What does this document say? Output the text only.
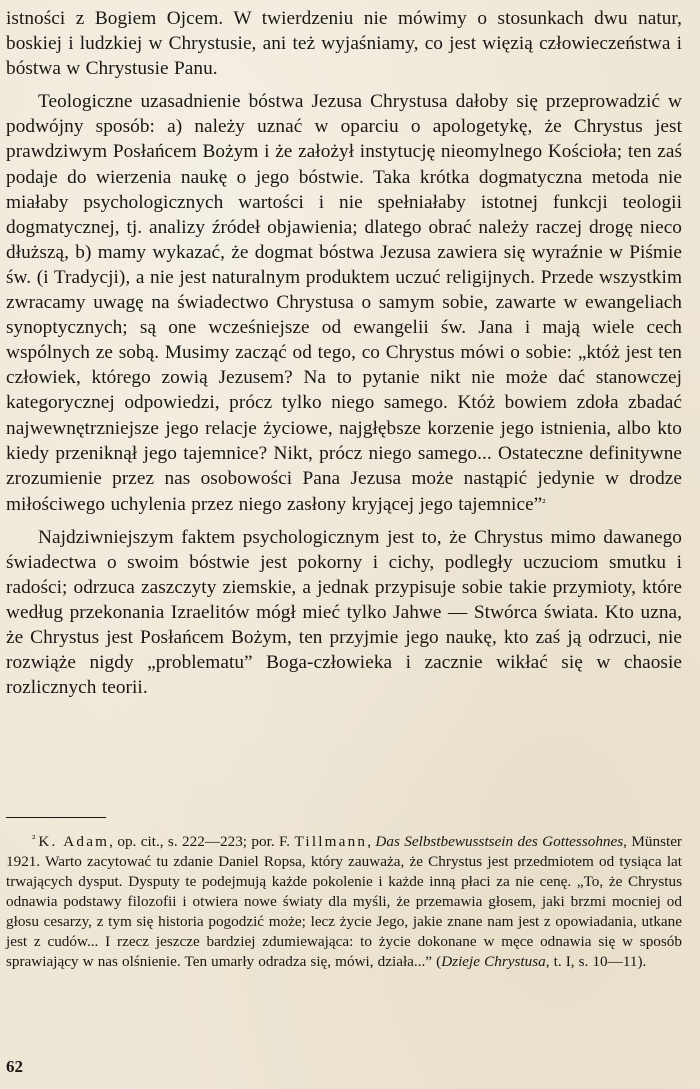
istności z Bogiem Ojcem. W twierdzeniu nie mówimy o stosunkach dwu natur, boskiej i ludzkiej w Chrystusie, ani też wyjaśniamy, co jest więzią człowieczeństwa i bóstwa w Chrystusie Panu.

Teologiczne uzasadnienie bóstwa Jezusa Chrystusa dałoby się przeprowadzić w podwójny sposób: a) należy uznać w oparciu o apologetykę, że Chrystus jest prawdziwym Posłańcem Bożym i że założył instytucję nieomylnego Kościoła; ten zaś podaje do wierzenia naukę o jego bóstwie. Taka krótka dogmatyczna metoda nie miałaby psychologicznych wartości i nie spełniałaby istotnej funkcji teologii dogmatycznej, tj. analizy źródeł objawienia; dlatego obrać należy raczej drogę nieco dłuższą, b) mamy wykazać, że dogmat bóstwa Jezusa zawiera się wyraźnie w Piśmie św. (i Tradycji), a nie jest naturalnym produktem uczuć religijnych. Przede wszystkim zwracamy uwagę na świadectwo Chrystusa o samym sobie, zawarte w ewangeliach synoptycznych; są one wcześniejsze od ewangelii św. Jana i mają wiele cech wspólnych ze sobą. Musimy zacząć od tego, co Chrystus mówi o sobie: „któż jest ten człowiek, którego zowią Jezusem? Na to pytanie nikt nie może dać stanowczej kategorycznej odpowiedzi, prócz tylko niego samego. Któż bowiem zdoła zbadać najwewnętrzniejsze jego relacje życiowe, najgłębsze korzenie jego istnienia, albo kto kiedy przeniknął jego tajemnice? Nikt, prócz niego samego... Ostateczne definitywne zrozumienie przez nas osobowości Pana Jezusa może nastąpić jedynie w drodze miłościwego uchylenia przez niego zasłony kryjącej jego tajemnice”$^{^2}$

Najdziwniejszym faktem psychologicznym jest to, że Chrystus mimo dawanego świadectwa o swoim bóstwie jest pokorny i cichy, podległy uczuciom smutku i radości; odrzuca zaszczyty ziemskie, a jednak przypisuje sobie takie przymioty, które według przekonania Izraelitów mógł mieć tylko Jahwe — Stwórca świata. Kto uzna, że Chrystus jest Posłańcem Bożym, ten przyjmie jego naukę, kto zaś ją odrzuci, nie rozwiąże nigdy „problematu” Boga-człowieka i zacznie wikłać się w chaosie rozlicznych teorii.

$^{^2}$ K. Adam, op. cit., s. 222—223; por. F. Tillmann, Das Selbstbewusstsein des Gottessohnes, Münster 1921. Warto zacytować tu zdanie Daniel Ropsa, który zauważa, że Chrystus jest przedmiotem od tysiąca lat trwających dysput. Dysputy te podejmują każde pokolenie i każde inną płaci za nie cenę. „To, że Chrystus odnawia podstawy filozofii i otwiera nowe światy dla myśli, że przemawia głosem, jaki brzmi mocniej od głosu cesarzy, z tym się historia pogodzić może; lecz życie Jego, jakie znane nam jest z opowiadania, utkane jest z cudów... I rzecz jeszcze bardziej zdumiewająca: to życie dokonane w męce odnawia się w sposób sprawiający w nas olśnienie. Ten umarły odradza się, mówi, działa...” (Dzieje Chrystusa, t. I, s. 10—11).

62
